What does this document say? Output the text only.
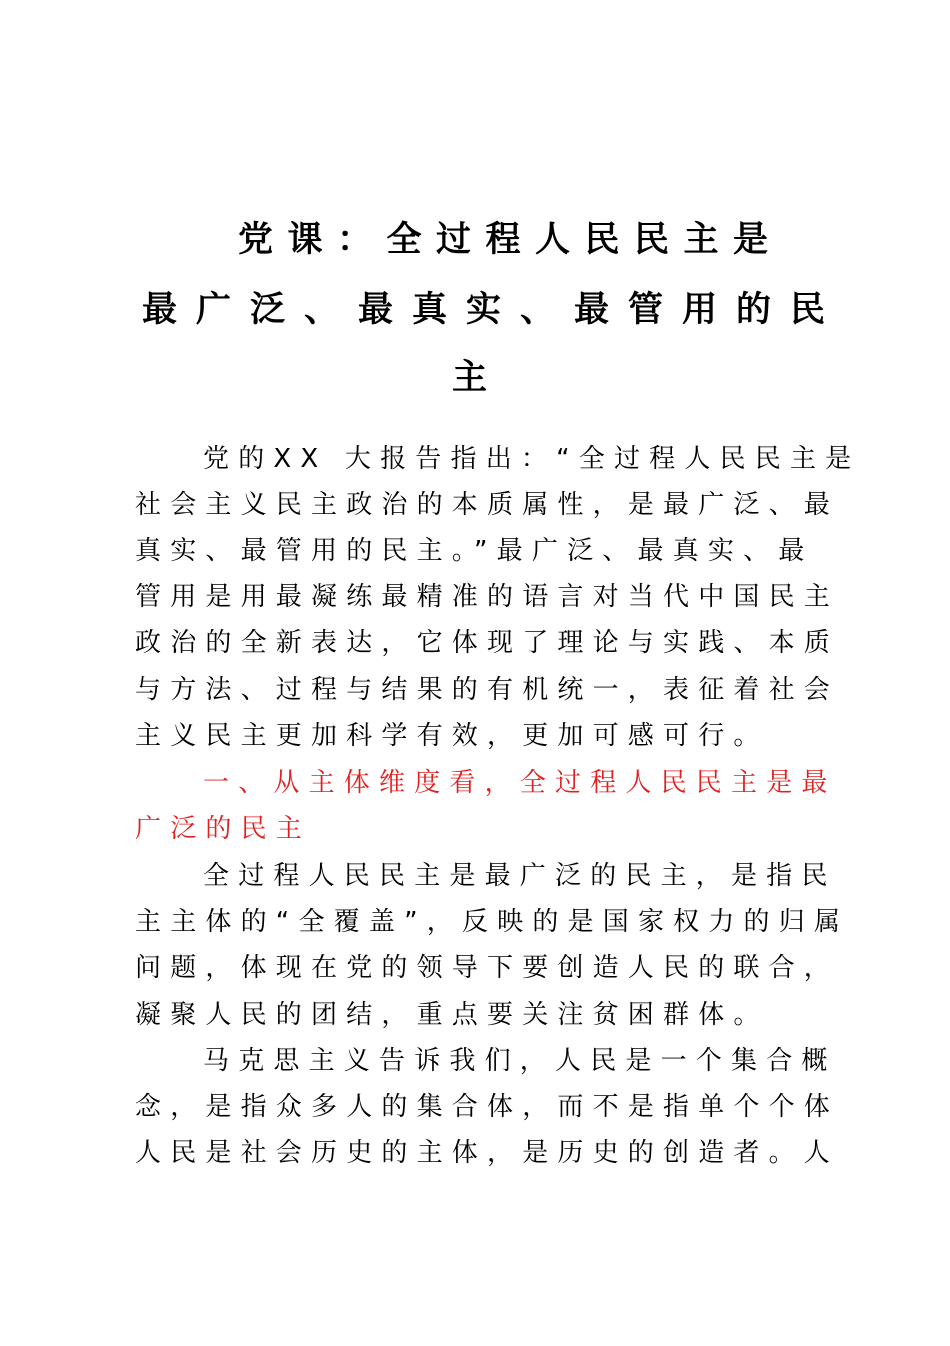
党课：全过程人民民主是
最广泛、最真实、最管用的民
主
党的XX 大报告指出：“全过程人民民主是
社会主义民主政治的本质属性，是最广泛、最
真实、最管用的民主。”最广泛、最真实、最
管用是用最凝练最精准的语言对当代中国民主
政治的全新表达，它体现了理论与实践、本质
与方法、过程与结果的有机统一，表征着社会
主义民主更加科学有效，更加可感可行。
一、从主体维度看，全过程人民民主是最
广泛的民主
全过程人民民主是最广泛的民主，是指民
主主体的“全覆盖”，反映的是国家权力的归属
问题，体现在党的领导下要创造人民的联合，
凝聚人民的团结，重点要关注贫困群体。
马克思主义告诉我们，人民是一个集合概
念，是指众多人的集合体，而不是指单个个体
人民是社会历史的主体，是历史的创造者。人
